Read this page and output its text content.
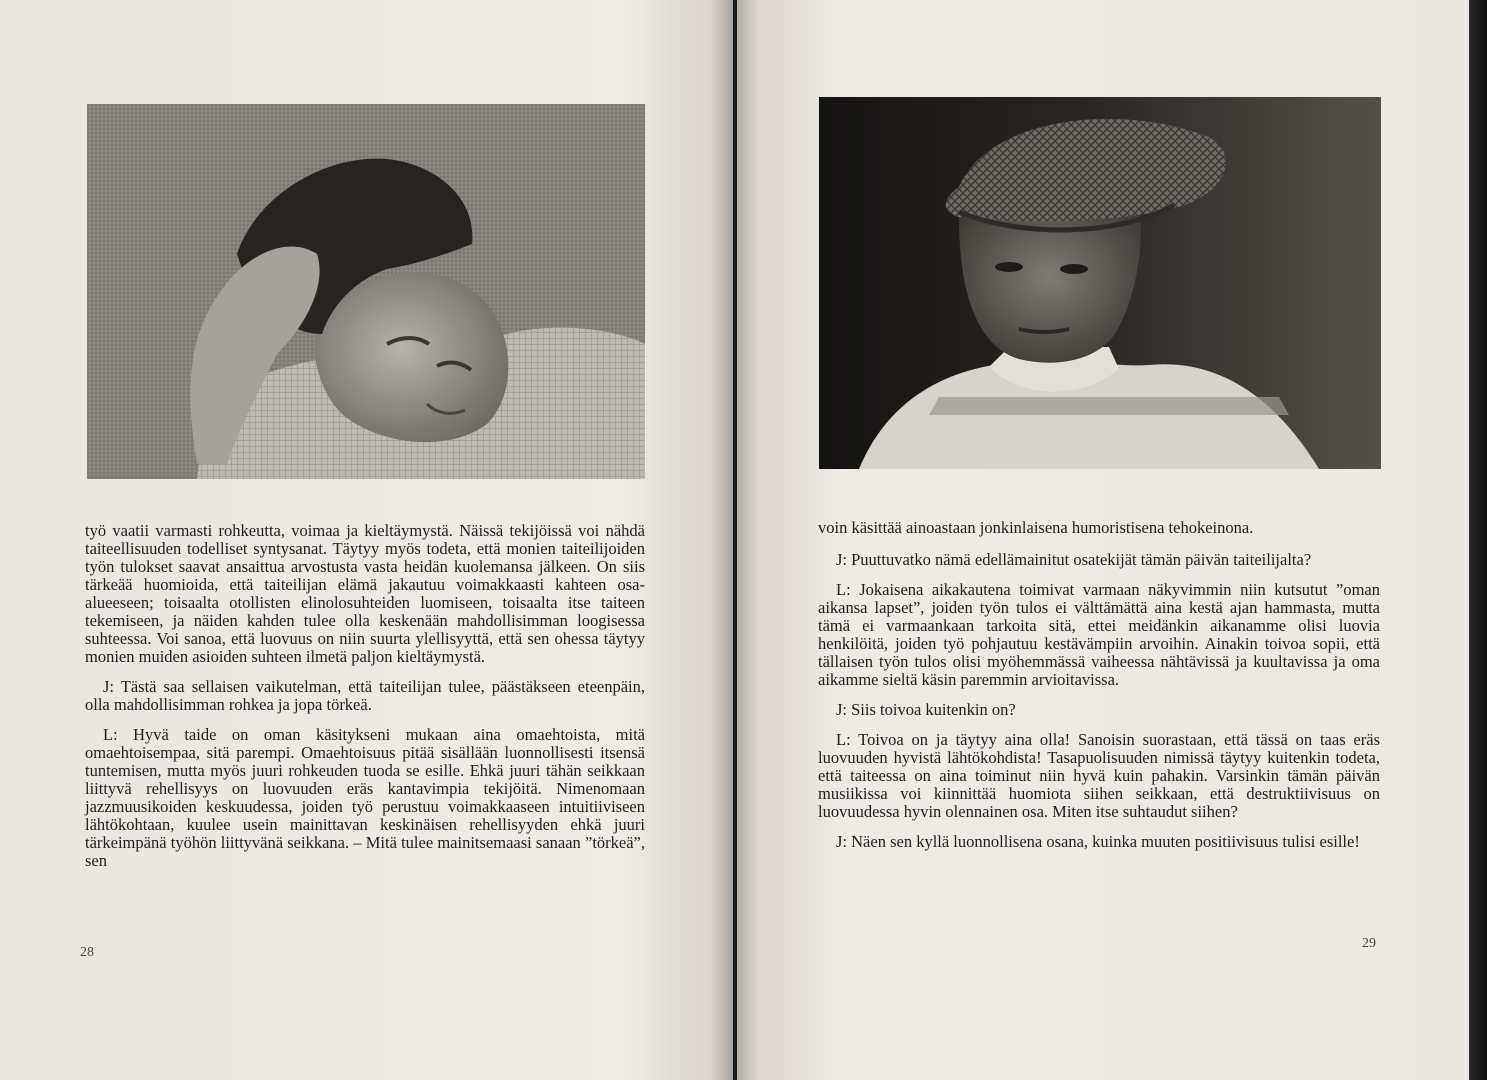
työ vaatii varmasti rohkeutta, voimaa ja kieltäymystä. Näissä tekijöissä voi nähdä taiteellisuuden todelliset syntysanat. Täytyy myös todeta, että monien taiteilijoiden työn tulokset saavat ansaittua arvostusta vasta heidän kuolemansa jälkeen. On siis tärkeää huomioida, että taiteilijan elämä jakautuu voimakkaasti kahteen osa-alueeseen; toisaalta otollisten elinolosuhteiden luomiseen, toisaalta itse taiteen tekemiseen, ja näiden kahden tulee olla keskenään mahdollisimman loogisessa suhteessa. Voi sanoa, että luovuus on niin suurta ylellisyyttä, että sen ohessa täytyy monien muiden asioiden suhteen ilmetä paljon kieltäymystä.

J: Tästä saa sellaisen vaikutelman, että taiteilijan tulee, päästäkseen eteenpäin, olla mahdollisimman rohkea ja jopa törkeä.

L: Hyvä taide on oman käsitykseni mukaan aina omaehtoista, mitä omaehtoisempaa, sitä parempi. Omaehtoisuus pitää sisällään luonnollisesti itsensä tuntemisen, mutta myös juuri rohkeuden tuoda se esille. Ehkä juuri tähän seikkaan liittyvä rehellisyys on luovuuden eräs kantavimpia tekijöitä. Nimenomaan jazzmuusikoiden keskuudessa, joiden työ perustuu voimakkaaseen intuitiiviseen lähtökohtaan, kuulee usein mainittavan keskinäisen rehellisyyden ehkä juuri tärkeimpänä työhön liittyvänä seikkana. – Mitä tulee mainitsemaasi sanaan ”törkeä”, sen

28

voin käsittää ainoastaan jonkinlaisena humoristisena tehokeinona.

J: Puuttuvatko nämä edellämainitut osatekijät tämän päivän taiteilijalta?

L: Jokaisena aikakautena toimivat varmaan näkyvimmin niin kutsutut ”oman aikansa lapset”, joiden työn tulos ei välttämättä aina kestä ajan hammasta, mutta tämä ei varmaankaan tarkoita sitä, ettei meidänkin aikanamme olisi luovia henkilöitä, joiden työ pohjautuu kestävämpiin arvoihin. Ainakin toivoa sopii, että tällaisen työn tulos olisi myöhemmässä vaiheessa nähtävissä ja kuultavissa ja oma aikamme sieltä käsin paremmin arvioitavissa.

J: Siis toivoa kuitenkin on?

L: Toivoa on ja täytyy aina olla! Sanoisin suorastaan, että tässä on taas eräs luovuuden hyvistä lähtökohdista! Tasapuolisuuden nimissä täytyy kuitenkin todeta, että taiteessa on aina toiminut niin hyvä kuin pahakin. Varsinkin tämän päivän musiikissa voi kiinnittää huomiota siihen seikkaan, että destruktiivisuus on luovuudessa hyvin olennainen osa. Miten itse suhtaudut siihen?

J: Näen sen kyllä luonnollisena osana, kuinka muuten positiivisuus tulisi esille!

29
